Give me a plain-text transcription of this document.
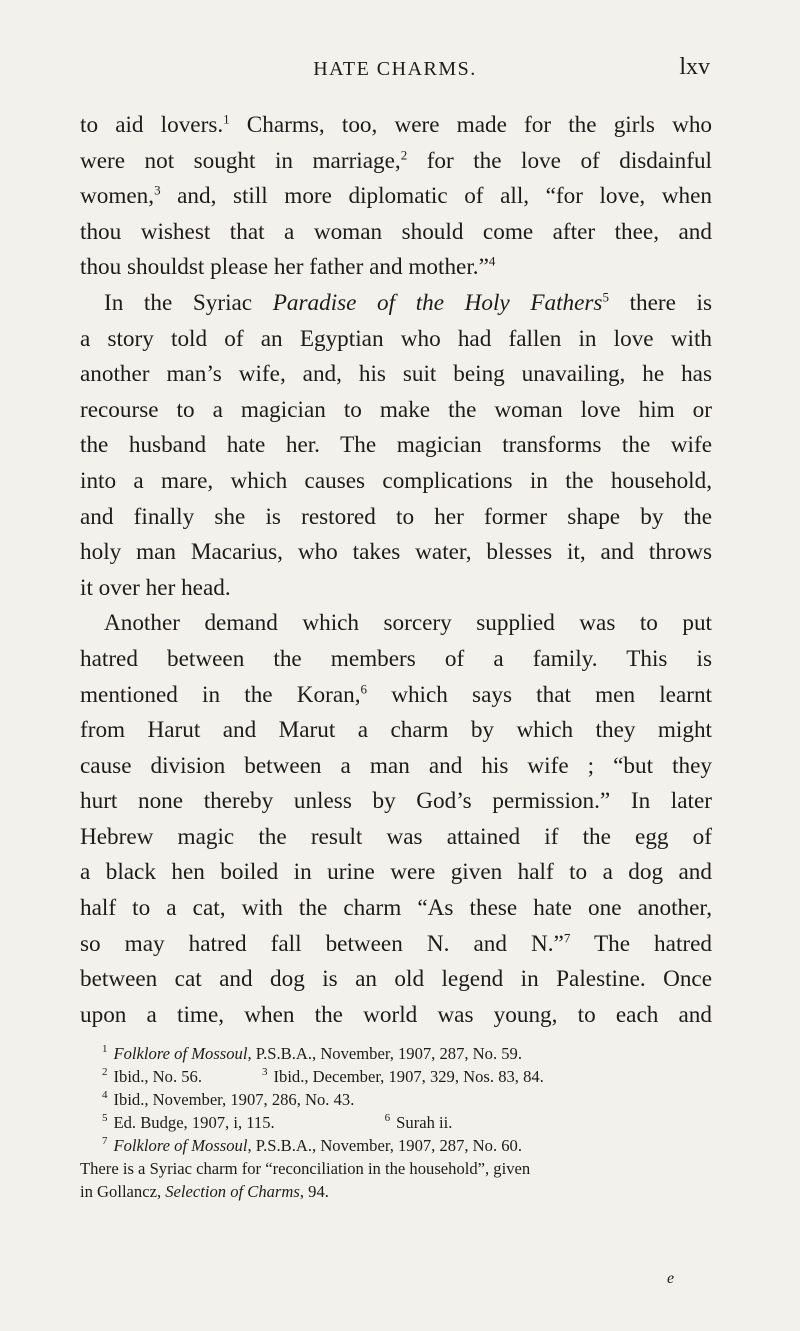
HATE CHARMS.	lxv
to aid lovers.$^1$ Charms, too, were made for the girls who
were not sought in marriage,$^2$ for the love of disdainful
women,$^3$ and, still more diplomatic of all, “for love, when
thou wishest that a woman should come after thee, and
thou shouldst please her father and mother.”$^4$
In the Syriac Paradise of the Holy Fathers$^5$ there is
a story told of an Egyptian who had fallen in love with
another man’s wife, and, his suit being unavailing, he has
recourse to a magician to make the woman love him or
the husband hate her. The magician transforms the wife
into a mare, which causes complications in the household,
and finally she is restored to her former shape by the
holy man Macarius, who takes water, blesses it, and throws
it over her head.
Another demand which sorcery supplied was to put
hatred between the members of a family. This is
mentioned in the Koran,$^6$ which says that men learnt
from Harut and Marut a charm by which they might
cause division between a man and his wife ; “but they
hurt none thereby unless by God’s permission.” In later
Hebrew magic the result was attained if the egg of
a black hen boiled in urine were given half to a dog and
half to a cat, with the charm “As these hate one another,
so may hatred fall between N. and N.”$^7$ The hatred
between cat and dog is an old legend in Palestine. Once
upon a time, when the world was young, to each and
$^1$ Folklore of Mossoul, P.S.B.A., November, 1907, 287, No. 59.
$^2$ Ibid., No. 56.	$^3$ Ibid., December, 1907, 329, Nos. 83, 84.
$^4$ Ibid., November, 1907, 286, No. 43.
$^5$ Ed. Budge, 1907, i, 115.	$^6$ Surah ii.
$^7$ Folklore of Mossoul, P.S.B.A., November, 1907, 287, No. 60.
There is a Syriac charm for “reconciliation in the household”, given
in Gollancz, Selection of Charms, 94.
e
